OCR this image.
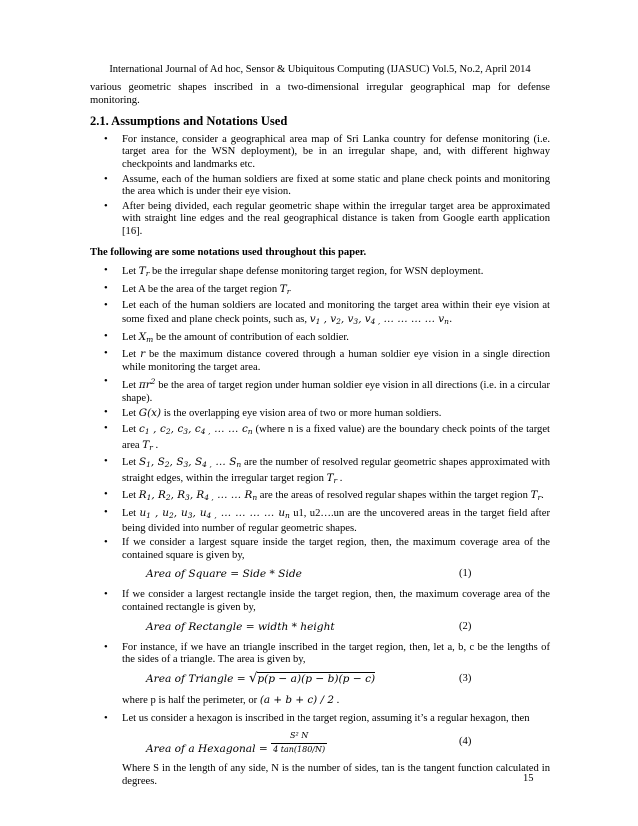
International Journal of Ad hoc, Sensor & Ubiquitous Computing (IJASUC) Vol.5, No.2, April 2014

various geometric shapes inscribed in a two-dimensional irregular geographical map for defense monitoring.

2.1. Assumptions and Notations Used
• For instance, consider a geographical area map of Sri Lanka country for defense monitoring (i.e. target area for the WSN deployment), be in an irregular shape, and, with different highway checkpoints and landmarks etc.
• Assume, each of the human soldiers are fixed at some static and plane check points and monitoring the area which is under their eye vision.
• After being divided, each regular geometric shape within the irregular target area be approximated with straight line edges and the real geographical distance is taken from Google earth application [16].
The following are some notations used throughout this paper.
• Let $T_r$ be the irregular shape defense monitoring target region, for WSN deployment.
• Let A be the area of the target region $T_r$
• Let each of the human soldiers are located and monitoring the target area within their eye vision at some fixed and plane check points, such as, $v_1$ , $v_2$, $v_3$, $v_{4 ,}$ … … … … $v_n$.
• Let $X_m$ be the amount of contribution of each soldier.
• Let r be the maximum distance covered through a human soldier eye vision in a single direction while monitoring the target area.
• Let $\pi r^2$ be the area of target region under human soldier eye vision in all directions (i.e. in a circular shape).
• Let G(x) is the overlapping eye vision area of two or more human soldiers.
• Let $c_1$ , $c_2$, $c_3$, $c_{4 ,}$ … … $c_n$ (where n is a fixed value) are the boundary check points of the target area $T_r$ .
• Let $S_1$, $S_2$, $S_3$, $S_{4 ,}$ … $S_n$ are the number of resolved regular geometric shapes approximated with straight edges, within the irregular target region $T_r$ .
• Let $R_1$, $R_2$, $R_3$, $R_{4 ,}$ … … $R_n$ are the areas of resolved regular shapes within the target region $T_r$.
• Let $u_1$ , $u_2$, $u_3$, $u_{4 ,}$ … … … … $u_n$ u1, u2….un are the uncovered areas in the target field after being divided into number of regular geometric shapes.
• If we consider a largest square inside the target region, then, the maximum coverage area of the contained square is given by,
Area of Square = Side * Side	(1)
• If we consider a largest rectangle inside the target region, then, the maximum coverage area of the contained rectangle is given by,
Area of Rectangle = width * height	(2)
• For instance, if we have an triangle inscribed in the target region, then, let a, b, c be the lengths of the sides of a triangle. The area is given by,
Area of Triangle = √p(p − a)(p − b)(p − c)	(3)

where p is half the perimeter, or (a + b + c) / 2 .

• Let us consider a hexagon is inscribed in the target region, assuming it’s a regular hexagon, then
Area of a Hexagonal = $\frac{\text{S² N}}{4 \tan(180/N)}$	(4)

Where S in the length of any side, N is the number of sides, tan is the tangent function calculated in degrees.	15
